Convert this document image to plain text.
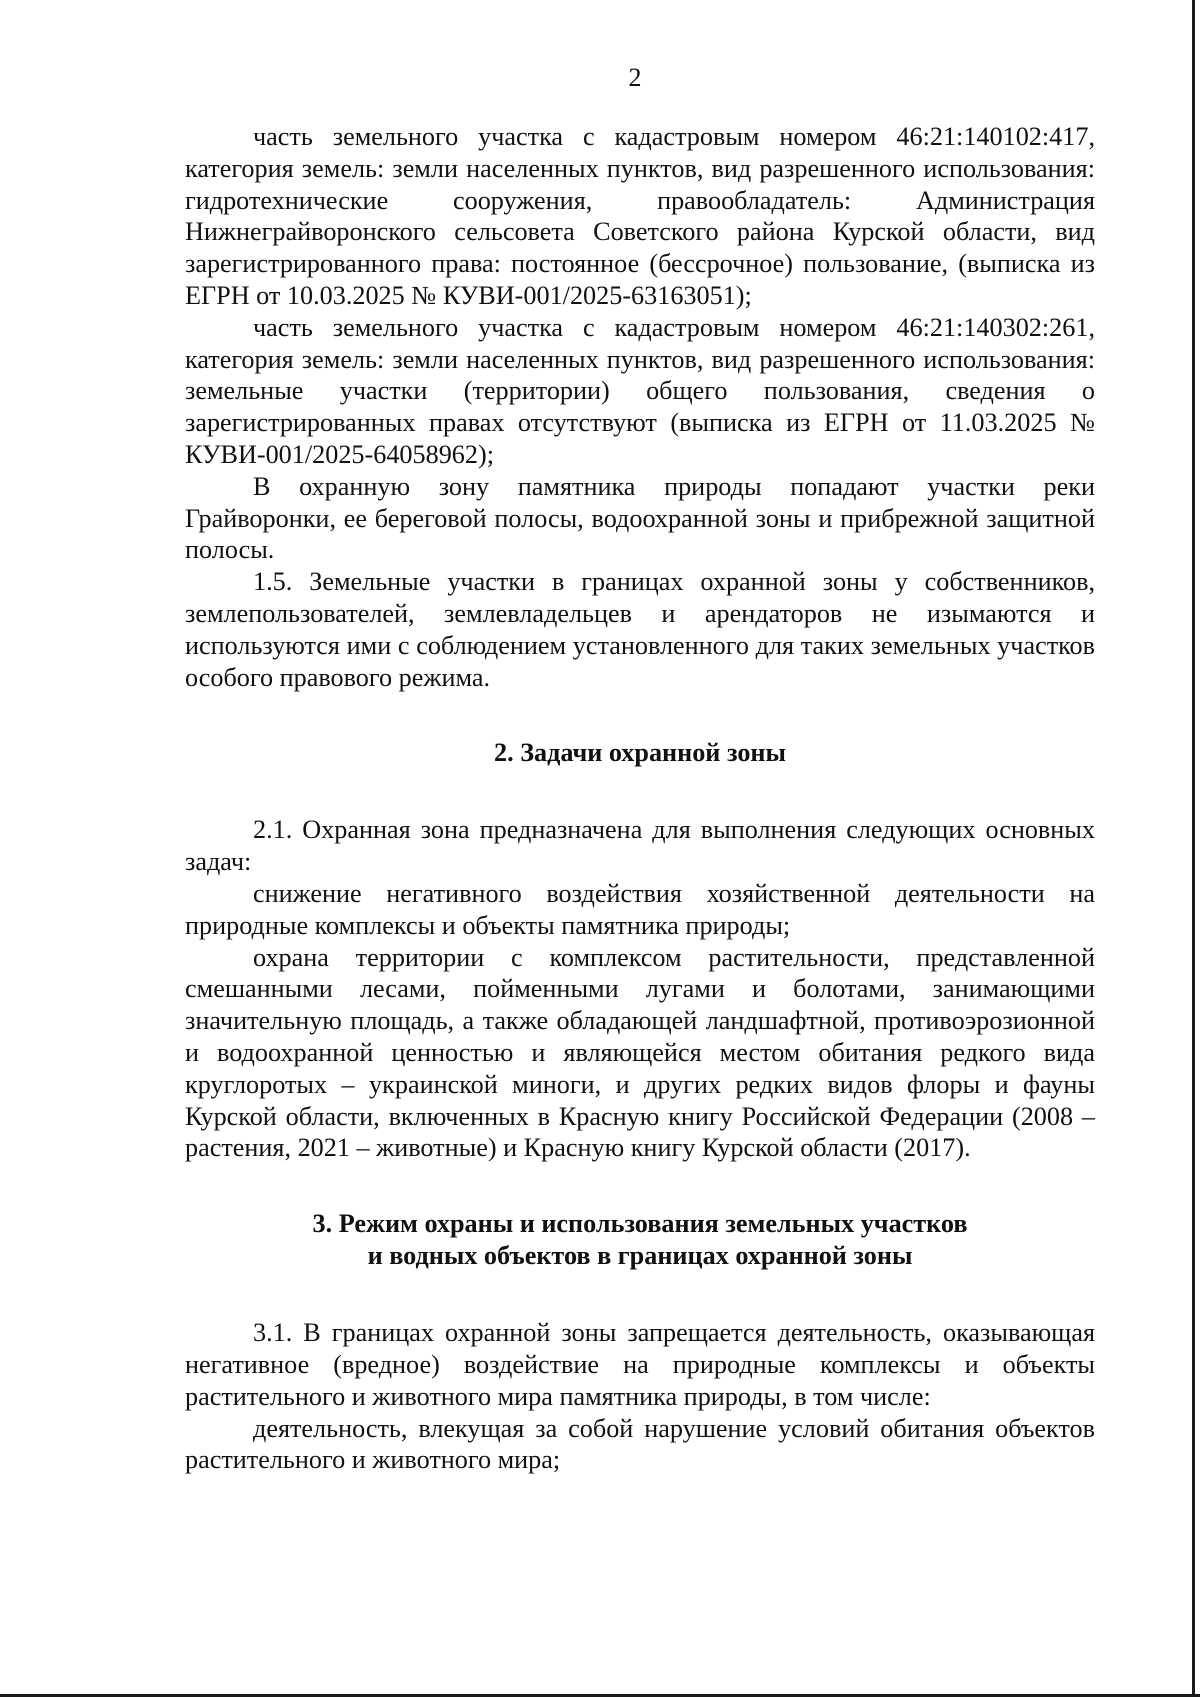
2

часть земельного участка с кадастровым номером 46:21:140102:417, категория земель: земли населенных пунктов, вид разрешенного использования: гидротехнические сооружения, правообладатель: Администрация Нижнеграйворонского сельсовета Советского района Курской области, вид зарегистрированного права: постоянное (бессрочное) пользование, (выписка из ЕГРН от 10.03.2025 № КУВИ-001/2025-63163051);

часть земельного участка с кадастровым номером 46:21:140302:261, категория земель: земли населенных пунктов, вид разрешенного использования: земельные участки (территории) общего пользования, сведения о зарегистрированных правах отсутствуют (выписка из ЕГРН от 11.03.2025 № КУВИ-001/2025-64058962);

В охранную зону памятника природы попадают участки реки Грайворонки, ее береговой полосы, водоохранной зоны и прибрежной защитной полосы.

1.5. Земельные участки в границах охранной зоны у собственников, землепользователей, землевладельцев и арендаторов не изымаются и используются ими с соблюдением установленного для таких земельных участков особого правового режима.

2. Задачи охранной зоны

2.1. Охранная зона предназначена для выполнения следующих основных задач:

снижение негативного воздействия хозяйственной деятельности на природные комплексы и объекты памятника природы;

охрана территории с комплексом растительности, представленной смешанными лесами, пойменными лугами и болотами, занимающими значительную площадь, а также обладающей ландшафтной, противоэрозионной и водоохранной ценностью и являющейся местом обитания редкого вида круглоротых – украинской миноги, и других редких видов флоры и фауны Курской области, включенных в Красную книгу Российской Федерации (2008 – растения, 2021 – животные) и Красную книгу Курской области (2017).

3. Режим охраны и использования земельных участков
и водных объектов в границах охранной зоны

3.1. В границах охранной зоны запрещается деятельность, оказывающая негативное (вредное) воздействие на природные комплексы и объекты растительного и животного мира памятника природы, в том числе:

деятельность, влекущая за собой нарушение условий обитания объектов растительного и животного мира;
